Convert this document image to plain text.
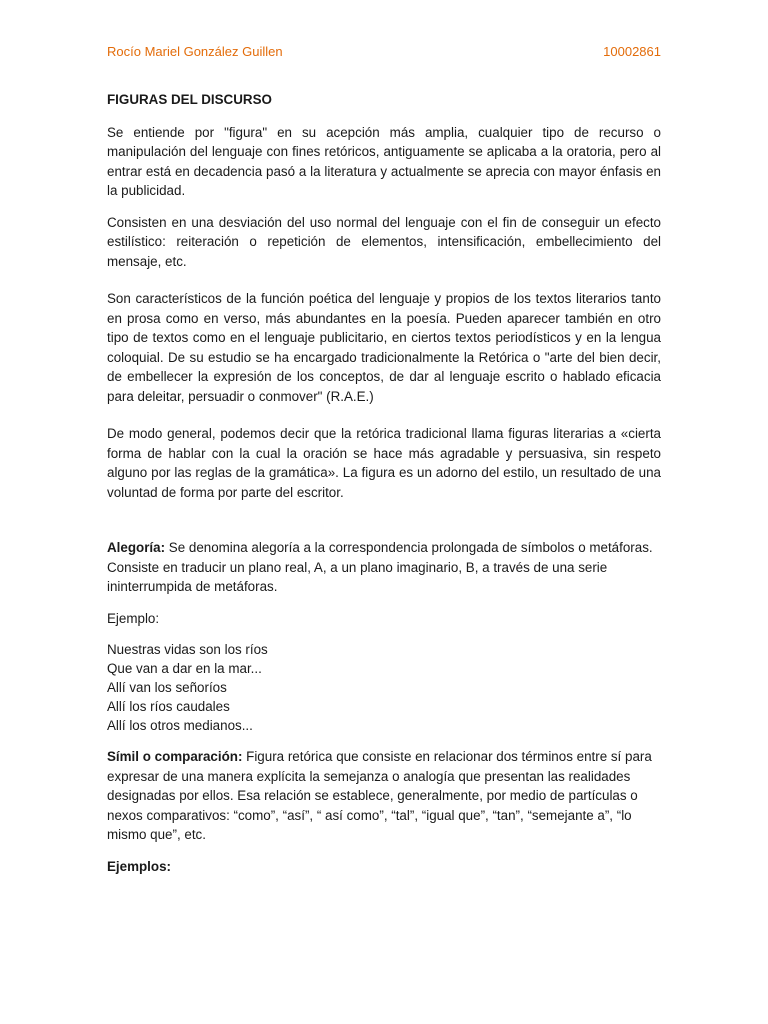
Rocío Mariel González Guillen	10002861
FIGURAS DEL DISCURSO

Se entiende por "figura" en su acepción más amplia, cualquier tipo de recurso o manipulación del lenguaje con fines retóricos, antiguamente se aplicaba a la oratoria, pero al entrar está en decadencia pasó a la literatura y actualmente se aprecia con mayor énfasis en la publicidad.

Consisten en una desviación del uso normal del lenguaje con el fin de conseguir un efecto estilístico: reiteración o repetición de elementos, intensificación, embellecimiento del mensaje, etc.

Son característicos de la función poética del lenguaje y propios de los textos literarios tanto en prosa como en verso, más abundantes en la poesía. Pueden aparecer también en otro tipo de textos como en el lenguaje publicitario, en ciertos textos periodísticos y en la lengua coloquial. De su estudio se ha encargado tradicionalmente la Retórica o "arte del bien decir, de embellecer la expresión de los conceptos, de dar al lenguaje escrito o hablado eficacia para deleitar, persuadir o conmover" (R.A.E.)

De modo general, podemos decir que la retórica tradicional llama figuras literarias a «cierta forma de hablar con la cual la oración se hace más agradable y persuasiva, sin respeto alguno por las reglas de la gramática». La figura es un adorno del estilo, un resultado de una voluntad de forma por parte del escritor.

Alegoría: Se denomina alegoría a la correspondencia prolongada de símbolos o metáforas. Consiste en traducir un plano real, A, a un plano imaginario, B, a través de una serie ininterrumpida de metáforas.

Ejemplo:

Nuestras vidas son los ríos
Que van a dar en la mar...
Allí van los señoríos
Allí los ríos caudales
Allí los otros medianos...

Símil o comparación: Figura retórica que consiste en relacionar dos términos entre sí para expresar de una manera explícita la semejanza o analogía que presentan las realidades designadas por ellos. Esa relación se establece, generalmente, por medio de partículas o nexos comparativos: “como”, “así”, “ así como”, “tal”, “igual que”, “tan”, “semejante a”, “lo mismo que”, etc.

Ejemplos:
